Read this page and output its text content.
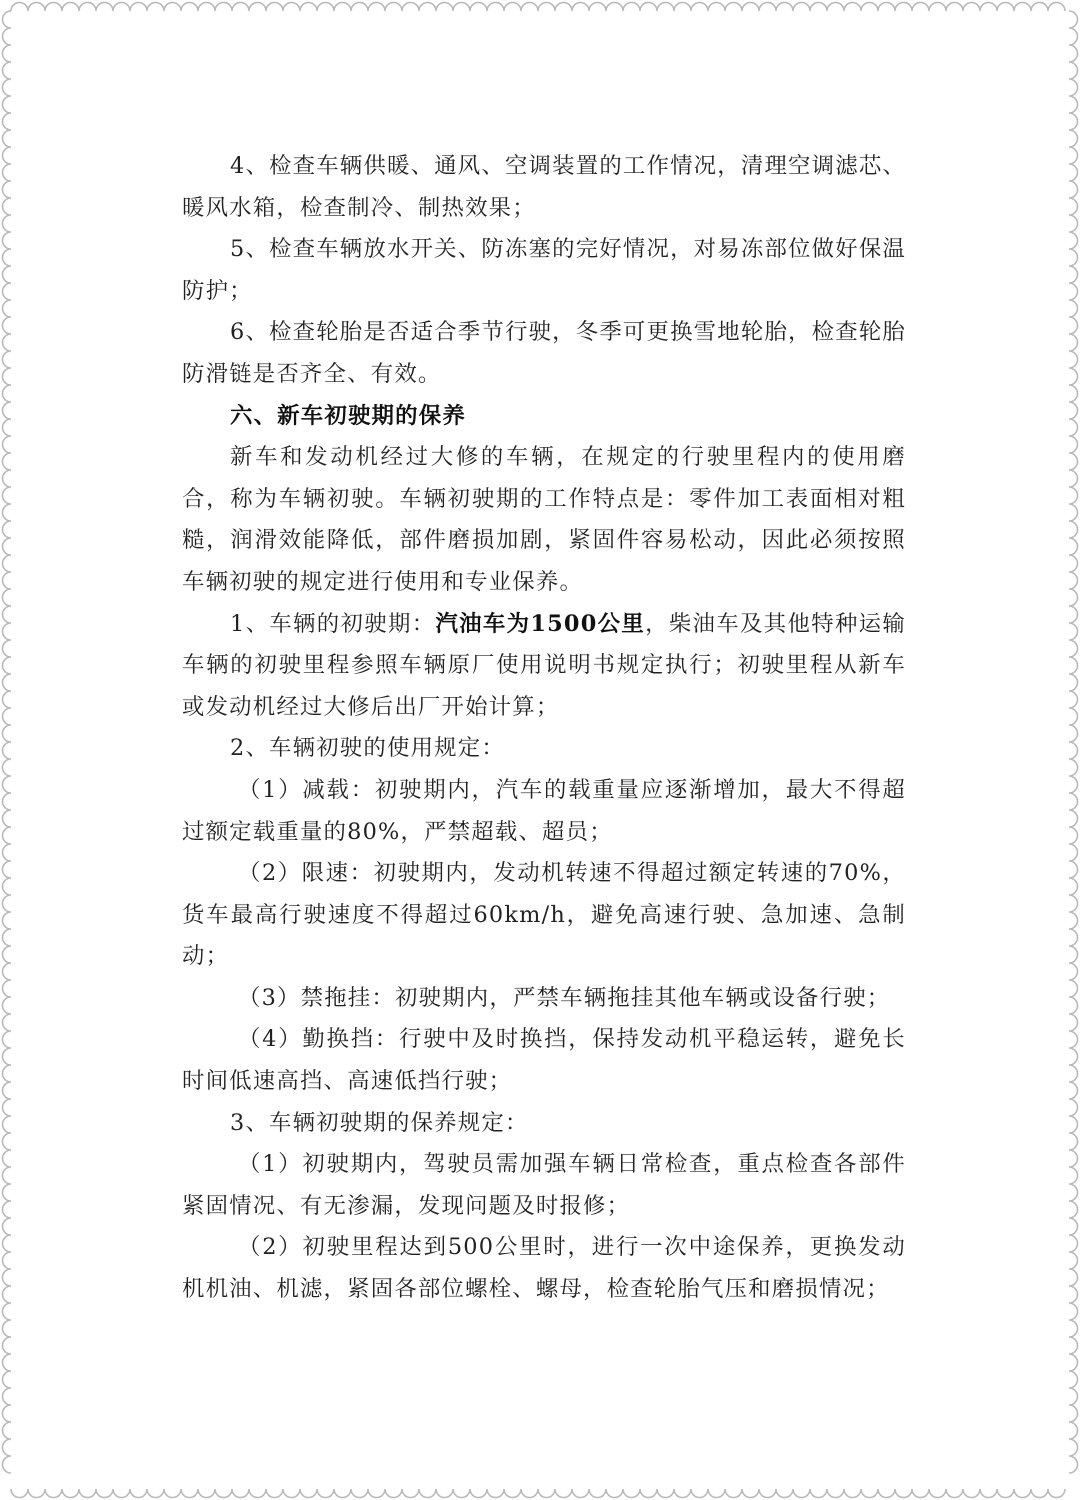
4、检查车辆供暖、通风、空调装置的工作情况，清理空调滤芯、暖风水箱，检查制冷、制热效果；

5、检查车辆放水开关、防冻塞的完好情况，对易冻部位做好保温防护；

6、检查轮胎是否适合季节行驶，冬季可更换雪地轮胎，检查轮胎防滑链是否齐全、有效。

六、新车初驶期的保养

新车和发动机经过大修的车辆，在规定的行驶里程内的使用磨合，称为车辆初驶。车辆初驶期的工作特点是：零件加工表面相对粗糙，润滑效能降低，部件磨损加剧，紧固件容易松动，因此必须按照车辆初驶的规定进行使用和专业保养。

1、车辆的初驶期：汽油车为1500公里，柴油车及其他特种运输车辆的初驶里程参照车辆原厂使用说明书规定执行；初驶里程从新车或发动机经过大修后出厂开始计算；

2、车辆初驶的使用规定：

（1）减载：初驶期内，汽车的载重量应逐渐增加，最大不得超过额定载重量的80%，严禁超载、超员；

（2）限速：初驶期内，发动机转速不得超过额定转速的70%，货车最高行驶速度不得超过60km/h，避免高速行驶、急加速、急制动；

（3）禁拖挂：初驶期内，严禁车辆拖挂其他车辆或设备行驶；

（4）勤换挡：行驶中及时换挡，保持发动机平稳运转，避免长时间低速高挡、高速低挡行驶；

3、车辆初驶期的保养规定：

（1）初驶期内，驾驶员需加强车辆日常检查，重点检查各部件紧固情况、有无渗漏，发现问题及时报修；

（2）初驶里程达到500公里时，进行一次中途保养，更换发动机机油、机滤，紧固各部位螺栓、螺母，检查轮胎气压和磨损情况；
